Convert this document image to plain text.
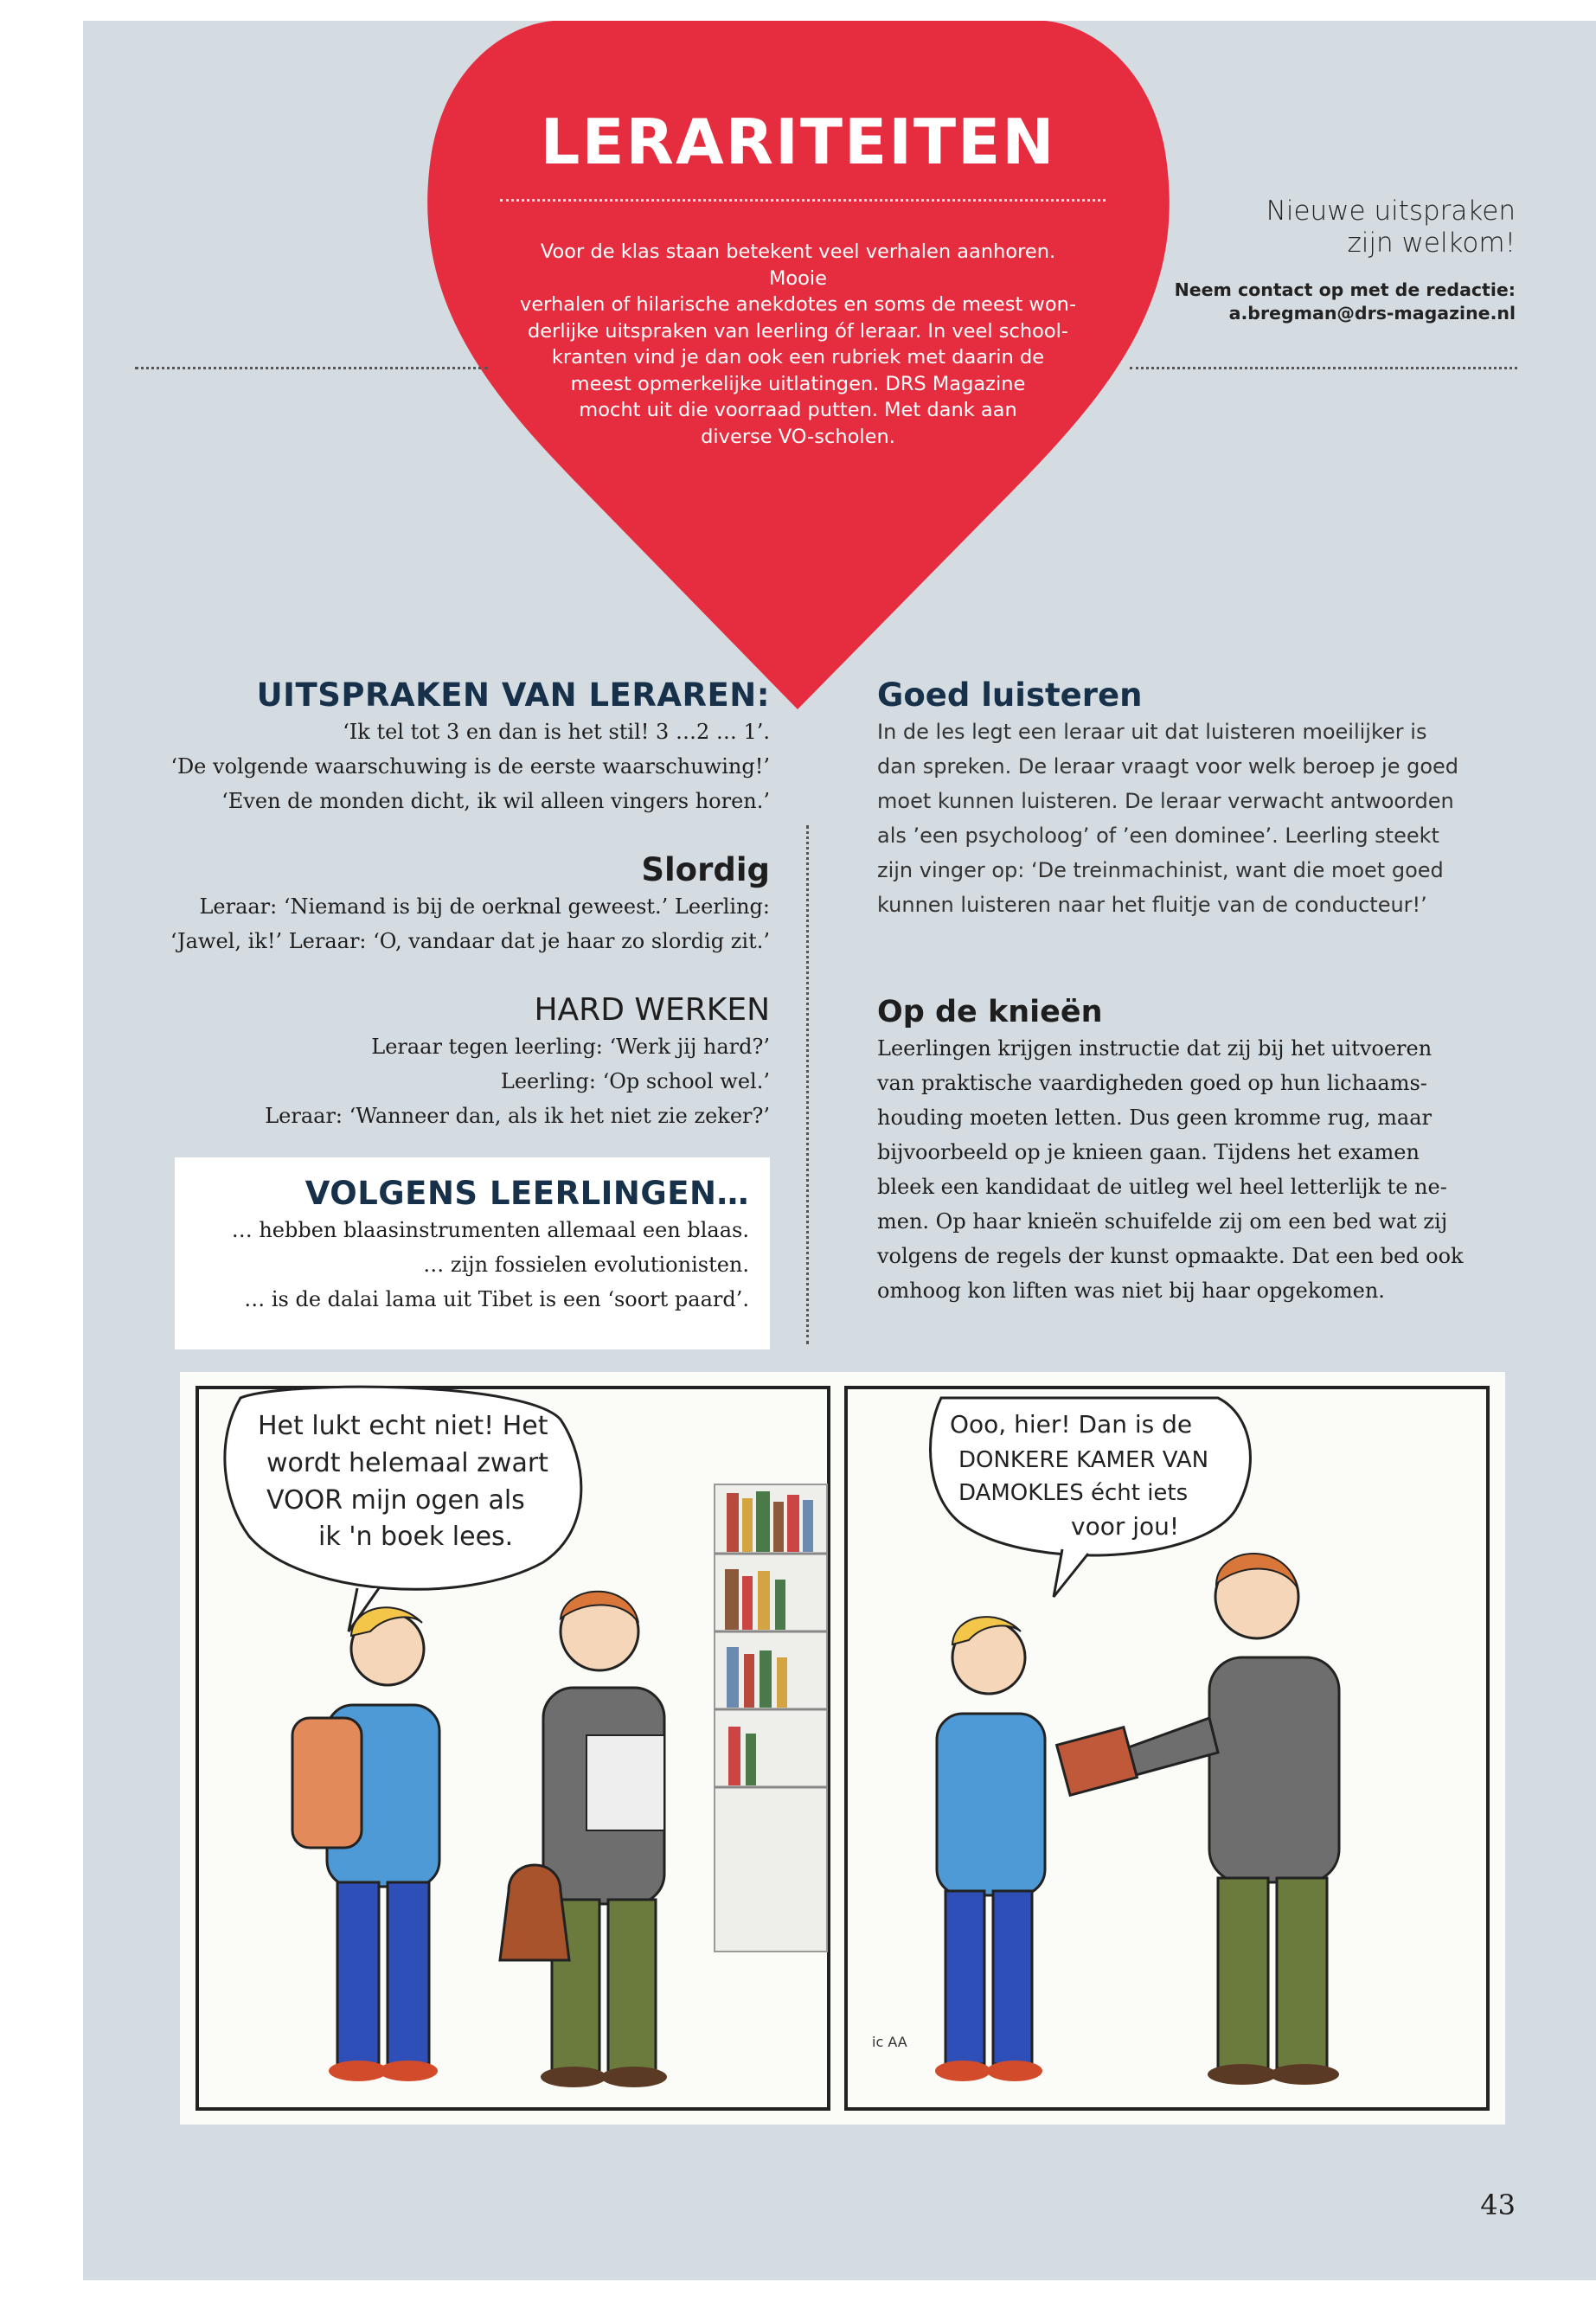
LERARITEITEN
Voor de klas staan betekent veel verhalen aanhoren. Mooie
verhalen of hilarische anekdotes en soms de meest won-
derlijke uitspraken van leerling óf leraar. In veel school-
kranten vind je dan ook een rubriek met daarin de
meest opmerkelijke uitlatingen. DRS Magazine
mocht uit die voorraad putten. Met dank aan
diverse VO-scholen.
Nieuwe uitspraken
zijn welkom!
Neem contact op met de redactie:
a.bregman@drs-magazine.nl
UITSPRAKEN VAN LERAREN:
‘Ik tel tot 3 en dan is het stil! 3 …2 … 1’.
‘De volgende waarschuwing is de eerste waarschuwing!’
‘Even de monden dicht, ik wil alleen vingers horen.’
Slordig
Leraar: ‘Niemand is bij de oerknal geweest.’ Leerling:
‘Jawel, ik!’ Leraar: ‘O, vandaar dat je haar zo slordig zit.’
HARD WERKEN
Leraar tegen leerling: ‘Werk jij hard?’
Leerling: ‘Op school wel.’
Leraar: ‘Wanneer dan, als ik het niet zie zeker?’
VOLGENS LEERLINGEN…
… hebben blaasinstrumenten allemaal een blaas.
… zijn fossielen evolutionisten.
… is de dalai lama uit Tibet is een ‘soort paard’.
Goed luisteren
In de les legt een leraar uit dat luisteren moeilijker is
dan spreken. De leraar vraagt voor welk beroep je goed
moet kunnen luisteren. De leraar verwacht antwoorden
als ’een psycholoog’ of ’een dominee’. Leerling steekt
zijn vinger op: ‘De treinmachinist, want die moet goed
kunnen luisteren naar het fluitje van de conducteur!’
Op de knieën
Leerlingen krijgen instructie dat zij bij het uitvoeren
van praktische vaardigheden goed op hun lichaams-
houding moeten letten. Dus geen kromme rug, maar
bijvoorbeeld op je knieen gaan. Tijdens het examen
bleek een kandidaat de uitleg wel heel letterlijk te ne-
men. Op haar knieën schuifelde zij om een bed wat zij
volgens de regels der kunst opmaakte. Dat een bed ook
omhoog kon liften was niet bij haar opgekomen.
Het lukt echt niet! Het
wordt helemaal zwart
VOOR mijn ogen als
ik 'n boek lees.
Ooo, hier! Dan is de
DONKERE KAMER VAN
DAMOKLES écht iets
voor jou!
ic AA
43
